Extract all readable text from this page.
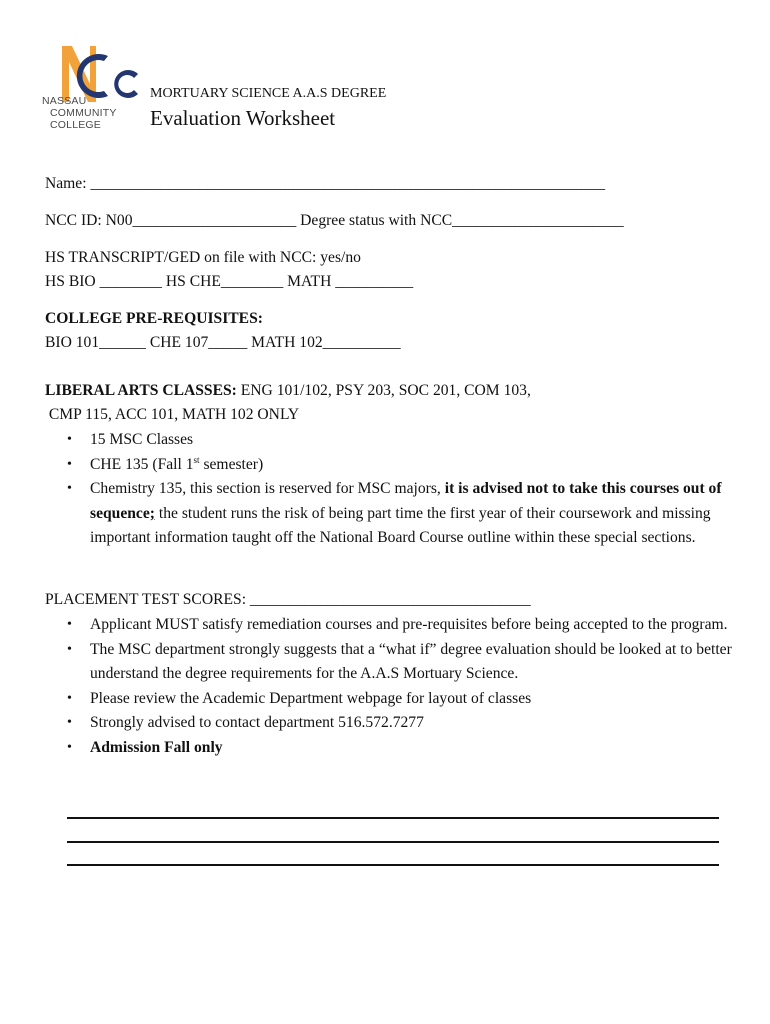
NASSAU
COMMUNITY
COLLEGE
MORTUARY SCIENCE A.A.S DEGREE
Evaluation Worksheet
Name: __________________________________________________________________
NCC ID: N00_____________________ Degree status with NCC______________________
HS TRANSCRIPT/GED on file with NCC: yes/no
HS BIO ________ HS CHE________ MATH __________
COLLEGE PRE-REQUISITES:
BIO 101______ CHE 107_____ MATH 102__________
LIBERAL ARTS CLASSES: ENG 101/102, PSY 203, SOC 201, COM 103,
CMP 115, ACC 101, MATH 102 ONLY
• 15 MSC Classes
• CHE 135 (Fall 1st semester)
• Chemistry 135, this section is reserved for MSC majors, it is advised not to take this courses out of sequence; the student runs the risk of being part time the first year of their coursework and missing important information taught off the National Board Course outline within these special sections.
PLACEMENT TEST SCORES: ____________________________________
• Applicant MUST satisfy remediation courses and pre-requisites before being accepted to the program.
• The MSC department strongly suggests that a “what if” degree evaluation should be looked at to better understand the degree requirements for the A.A.S Mortuary Science.
• Please review the Academic Department webpage for layout of classes
• Strongly advised to contact department 516.572.7277
• Admission Fall only
